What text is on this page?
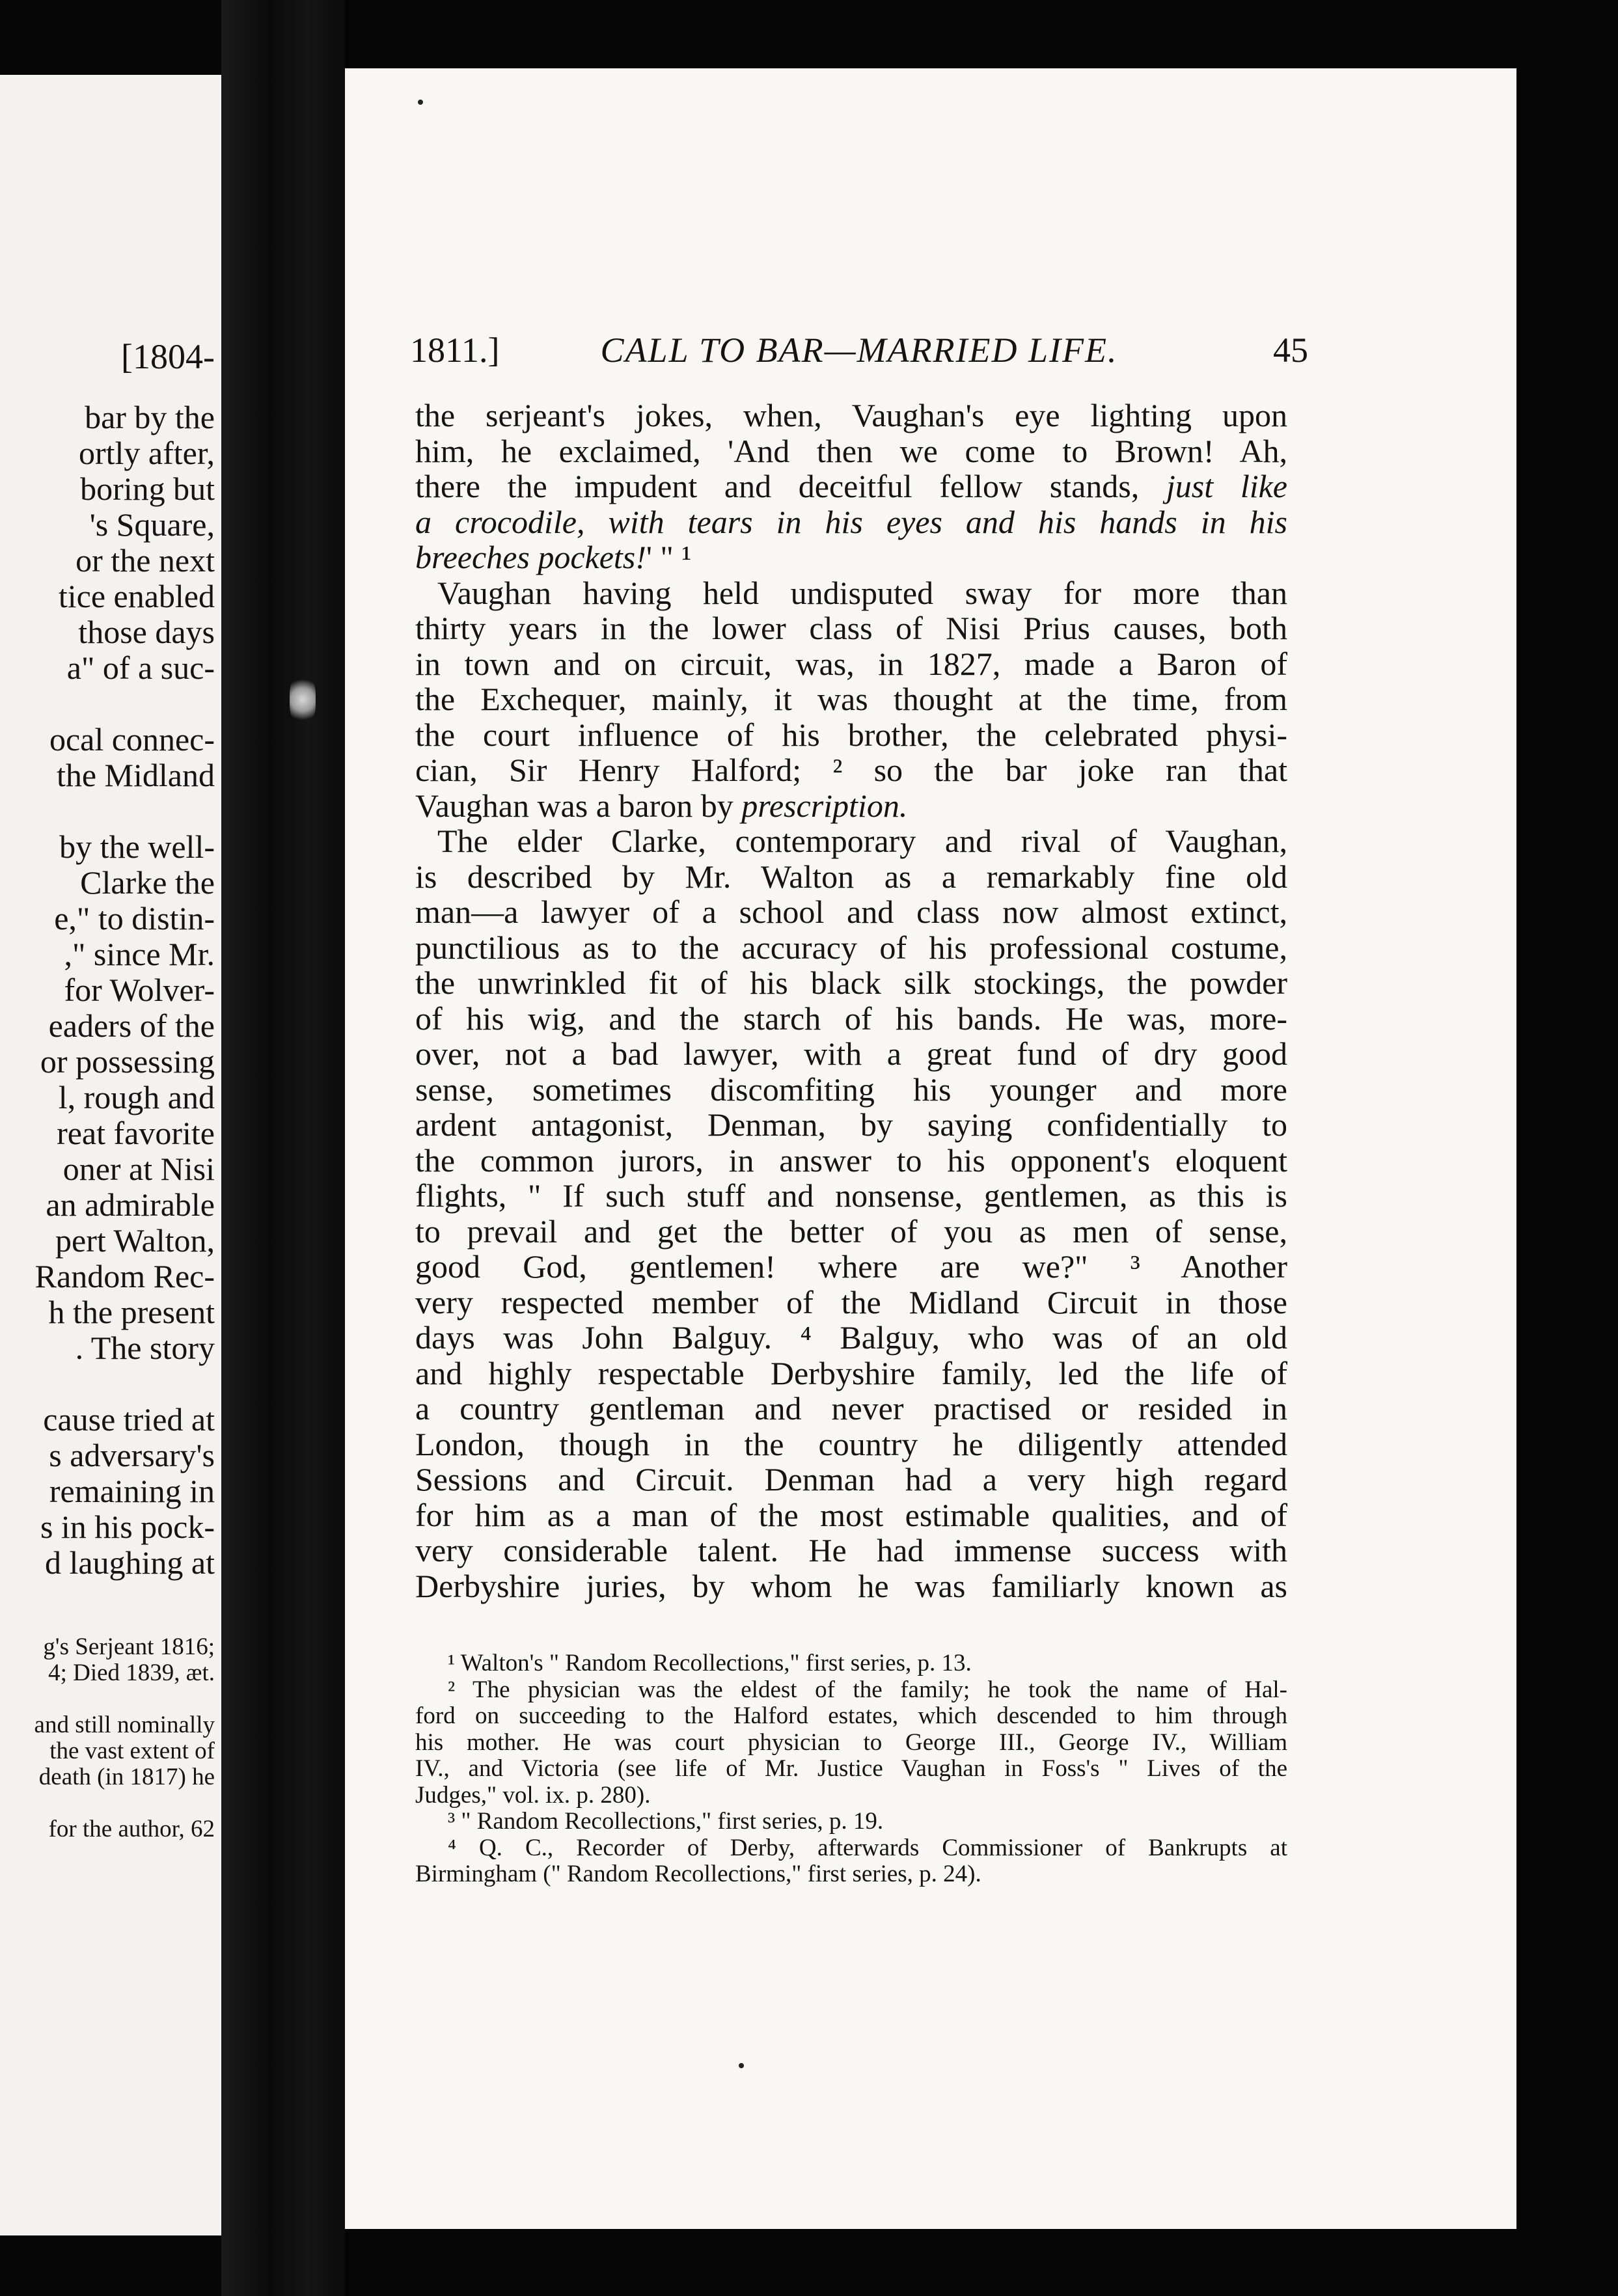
[1804-
bar by the
ortly after,
boring but
's Square,
or the next
tice enabled
those days
a" of a suc-
ocal connec-
the Midland
by the well-
Clarke the
e," to distin-
," since Mr.
for Wolver-
eaders of the
or possessing
l, rough and
reat favorite
oner at Nisi
an admirable
pert Walton,
Random Rec-
h the present
. The story
cause tried at
s adversary's
remaining in
s in his pock-
d laughing at
g's Serjeant 1816;
4; Died 1839, æt.
and still nominally
the vast extent of
death (in 1817) he
for the author, 62
1811.]	CALL TO BAR—MARRIED LIFE.	45
the serjeant's jokes, when, Vaughan's eye lighting upon
him, he exclaimed, 'And then we come to Brown! Ah,
there the impudent and deceitful fellow stands, just like
a crocodile, with tears in his eyes and his hands in his
breeches pockets!' " ¹
Vaughan having held undisputed sway for more than
thirty years in the lower class of Nisi Prius causes, both
in town and on circuit, was, in 1827, made a Baron of
the Exchequer, mainly, it was thought at the time, from
the court influence of his brother, the celebrated physi-
cian, Sir Henry Halford; ² so the bar joke ran that
Vaughan was a baron by prescription.
The elder Clarke, contemporary and rival of Vaughan,
is described by Mr. Walton as a remarkably fine old
man—a lawyer of a school and class now almost extinct,
punctilious as to the accuracy of his professional costume,
the unwrinkled fit of his black silk stockings, the powder
of his wig, and the starch of his bands. He was, more-
over, not a bad lawyer, with a great fund of dry good
sense, sometimes discomfiting his younger and more
ardent antagonist, Denman, by saying confidentially to
the common jurors, in answer to his opponent's eloquent
flights, " If such stuff and nonsense, gentlemen, as this is
to prevail and get the better of you as men of sense,
good God, gentlemen! where are we?" ³ Another
very respected member of the Midland Circuit in those
days was John Balguy. ⁴ Balguy, who was of an old
and highly respectable Derbyshire family, led the life of
a country gentleman and never practised or resided in
London, though in the country he diligently attended
Sessions and Circuit. Denman had a very high regard
for him as a man of the most estimable qualities, and of
very considerable talent. He had immense success with
Derbyshire juries, by whom he was familiarly known as
¹ Walton's " Random Recollections," first series, p. 13.
² The physician was the eldest of the family; he took the name of Hal-
ford on succeeding to the Halford estates, which descended to him through
his mother. He was court physician to George III., George IV., William
IV., and Victoria (see life of Mr. Justice Vaughan in Foss's " Lives of the
Judges," vol. ix. p. 280).
³ " Random Recollections," first series, p. 19.
⁴ Q. C., Recorder of Derby, afterwards Commissioner of Bankrupts at
Birmingham (" Random Recollections," first series, p. 24).
